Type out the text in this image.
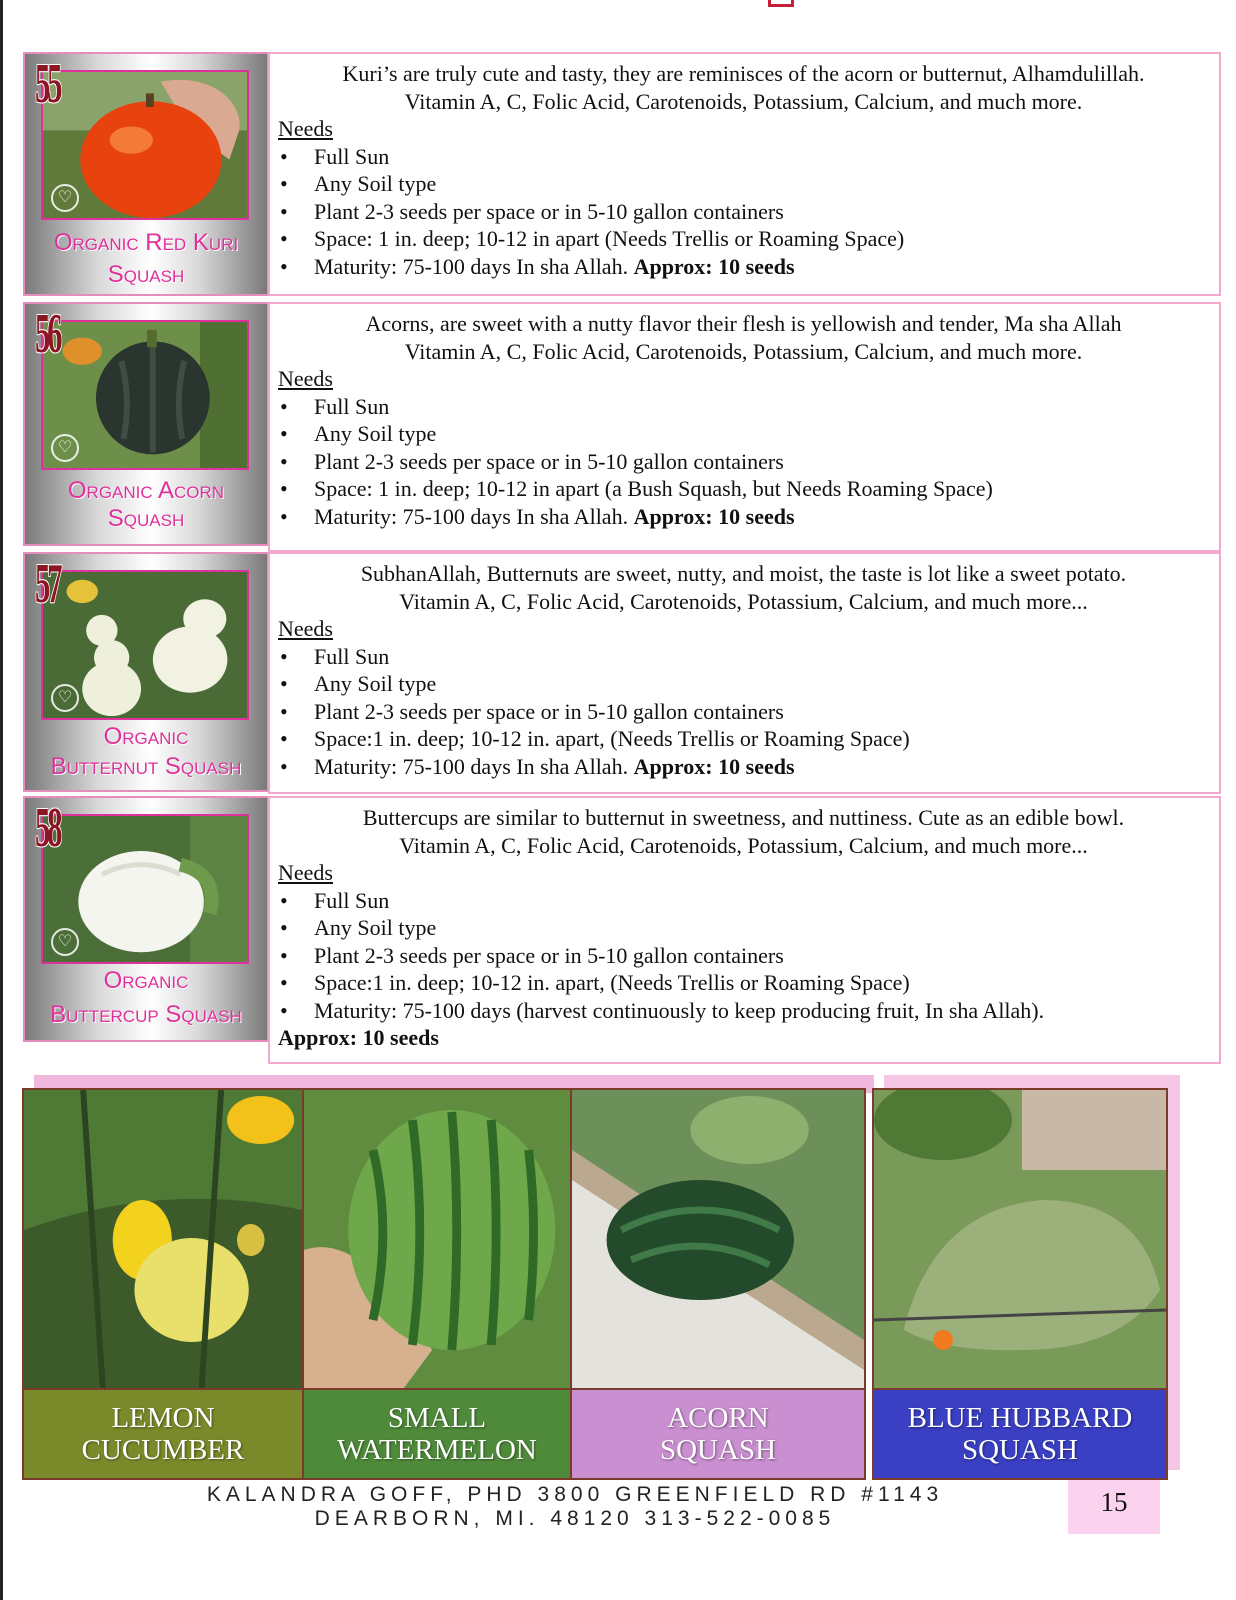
55
♡
Organic Red Kuri
Squash
Kuri’s are truly cute and tasty, they are reminisces of the acorn or butternut, Alhamdulillah.
Vitamin A, C, Folic Acid, Carotenoids, Potassium, Calcium, and much more.
Needs
• Full Sun
• Any Soil type
• Plant 2-3 seeds per space or in 5-10 gallon containers
• Space: 1 in. deep; 10-12 in apart (Needs Trellis or Roaming Space)
• Maturity: 75-100 days In sha Allah. Approx: 10 seeds
56
♡
Organic Acorn
Squash
Acorns, are sweet with a nutty flavor their flesh is yellowish and tender, Ma sha Allah
Vitamin A, C, Folic Acid, Carotenoids, Potassium, Calcium, and much more.
Needs
• Full Sun
• Any Soil type
• Plant 2-3 seeds per space or in 5-10 gallon containers
• Space: 1 in. deep; 10-12 in apart (a Bush Squash, but Needs Roaming Space)
• Maturity: 75-100 days In sha Allah. Approx: 10 seeds
57
♡
Organic
Butternut Squash
SubhanAllah, Butternuts are sweet, nutty, and moist, the taste is lot like a sweet potato.
Vitamin A, C, Folic Acid, Carotenoids, Potassium, Calcium, and much more...
Needs
• Full Sun
• Any Soil type
• Plant 2-3 seeds per space or in 5-10 gallon containers
• Space:1 in. deep; 10-12 in. apart, (Needs Trellis or Roaming Space)
• Maturity: 75-100 days In sha Allah. Approx: 10 seeds
58
♡
Organic
Buttercup Squash
Buttercups are similar to butternut in sweetness, and nuttiness. Cute as an edible bowl.
Vitamin A, C, Folic Acid, Carotenoids, Potassium, Calcium, and much more...
Needs
• Full Sun
• Any Soil type
• Plant 2-3 seeds per space or in 5-10 gallon containers
• Space:1 in. deep; 10-12 in. apart, (Needs Trellis or Roaming Space)
• Maturity: 75-100 days (harvest continuously to keep producing fruit, In sha Allah).
Approx: 10 seeds
LEMON
CUCUMBER
SMALL
WATERMELON
ACORN
SQUASH
BLUE HUBBARD
SQUASH
KALANDRA GOFF, PHD 3800 GREENFIELD RD #1143
DEARBORN, MI. 48120 313-522-0085
15
